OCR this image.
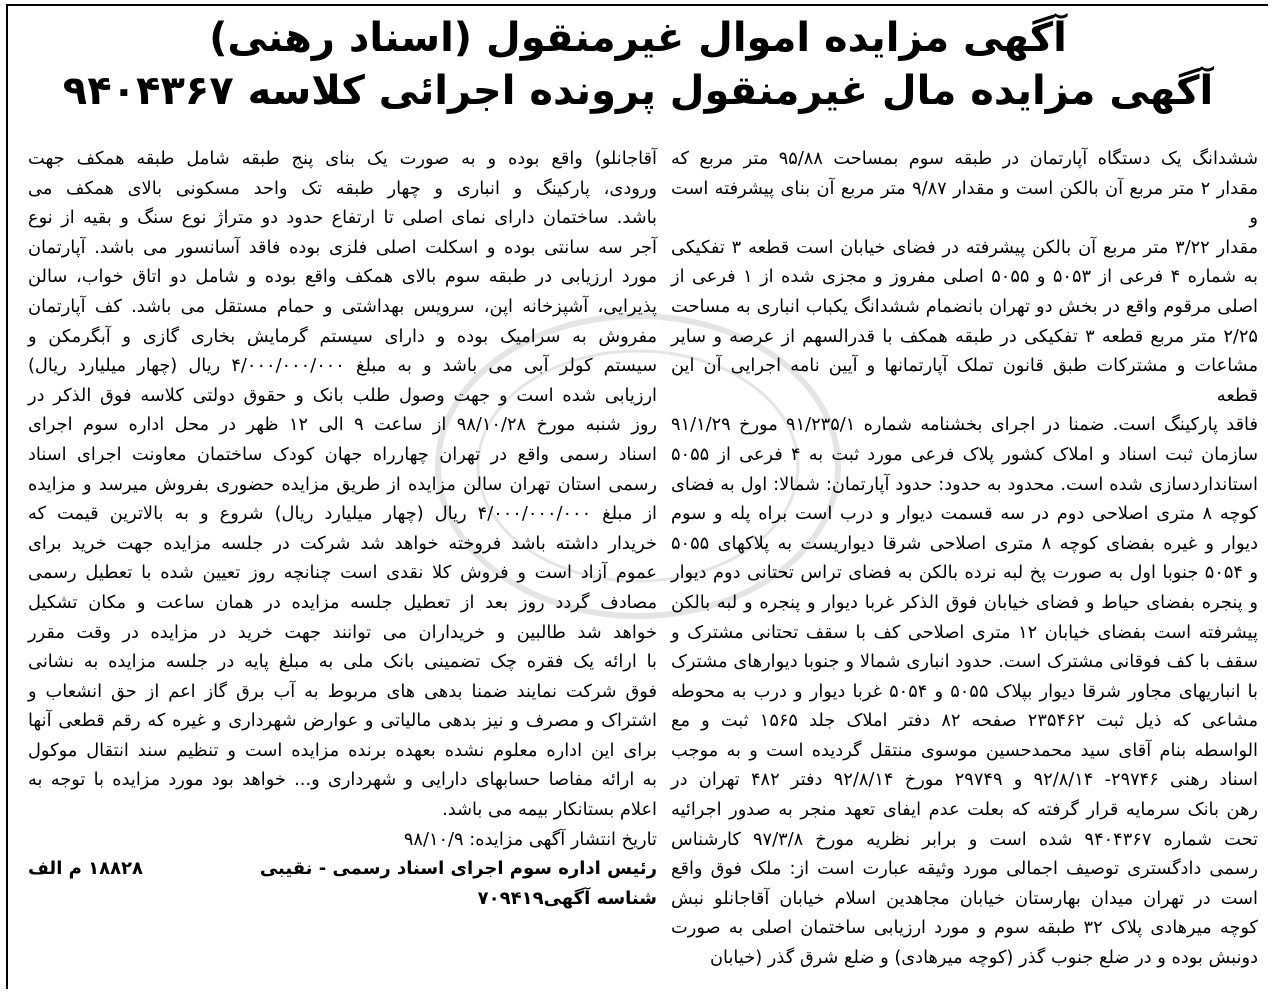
آگهی مزایده اموال غیرمنقول (اسناد رهنی)

آگهی مزایده مال غیرمنقول پرونده اجرائی کلاسه ۹۴۰۴۳۶۷

ششدانگ یک دستگاه آپارتمان در طبقه سوم بمساحت ۹۵/۸۸ متر مربع که

مقدار ۲ متر مربع آن بالکن است و مقدار ۹/۸۷ متر مربع آن بنای پیشرفته است و

مقدار ۳/۲۲ متر مربع آن بالکن پیشرفته در فضای خیابان است قطعه ۳ تفکیکی

به شماره ۴ فرعی از ۵۰۵۳ و ۵۰۵۵ اصلی مفروز و مجزی شده از ۱ فرعی از

اصلی مرقوم واقع در بخش دو تهران بانضمام ششدانگ یکباب انباری به مساحت

۲/۲۵ متر مربع قطعه ۳ تفکیکی در طبقه همکف با قدرالسهم از عرصه و سایر

مشاعات و مشترکات طبق قانون تملک آپارتمانها و آیین نامه اجرایی آن این قطعه

فاقد پارکینگ است. ضمنا در اجرای بخشنامه شماره ۹۱/۲۳۵/۱ مورخ ۹۱/۱/۲۹

سازمان ثبت اسناد و املاک کشور پلاک فرعی مورد ثبت به ۴ فرعی از ۵۰۵۵

استانداردسازی شده است. محدود به حدود: حدود آپارتمان: شمالا: اول به فضای

کوچه ۸ متری اصلاحی دوم در سه قسمت دیوار و درب است براه پله و سوم

دیوار و غیره بفضای کوچه ۸ متری اصلاحی شرقا دیواریست به پلاکهای ۵۰۵۵

و ۵۰۵۴ جنوبا اول به صورت پخ لبه نرده بالکن به فضای تراس تحتانی دوم دیوار

و پنجره بفضای حیاط و فضای خیابان فوق الذکر غربا دیوار و پنجره و لبه بالکن

پیشرفته است بفضای خیابان ۱۲ متری اصلاحی کف با سقف تحتانی مشترک و

سقف با کف فوقانی مشترک است. حدود انباری شمالا و جنوبا دیوارهای مشترک

با انباریهای مجاور شرقا دیوار بپلاک ۵۰۵۵ و ۵۰۵۴ غربا دیوار و درب به محوطه

مشاعی که ذیل ثبت ۲۳۵۴۶۲ صفحه ۸۲ دفتر املاک جلد ۱۵۶۵ ثبت و مع

الواسطه بنام آقای سید محمدحسین موسوی منتقل گردیده است و به موجب

اسناد رهنی ۲۹۷۴۶- ۹۲/۸/۱۴ و ۲۹۷۴۹ مورخ ۹۲/۸/۱۴ دفتر ۴۸۲ تهران در

رهن بانک سرمایه قرار گرفته که بعلت عدم ایفای تعهد منجر به صدور اجرائیه

تحت شماره ۹۴۰۴۳۶۷ شده است و برابر نظریه مورخ ۹۷/۳/۸ کارشناس

رسمی دادگستری توصیف اجمالی مورد وثیقه عبارت است از: ملک فوق واقع

است در تهران میدان بهارستان خیابان مجاهدین اسلام خیابان آقاجانلو نبش

کوچه میرهادی پلاک ۳۲ طبقه سوم و مورد ارزیابی ساختمان اصلی به صورت

دونبش بوده و در ضلع جنوب گذر (کوچه میرهادی) و ضلع شرق گذر (خیابان

آقاجانلو) واقع بوده و به صورت یک بنای پنج طبقه شامل طبقه همکف جهت

ورودی، پارکینگ و انباری و چهار طبقه تک واحد مسکونی بالای همکف می

باشد. ساختمان دارای نمای اصلی تا ارتفاع حدود دو متراژ نوع سنگ و بقیه از نوع

آجر سه سانتی بوده و اسکلت اصلی فلزی بوده فاقد آسانسور می باشد. آپارتمان

مورد ارزیابی در طبقه سوم بالای همکف واقع بوده و شامل دو اتاق خواب، سالن

پذیرایی، آشپزخانه اپن، سرویس بهداشتی و حمام مستقل می باشد. کف آپارتمان

مفروش به سرامیک بوده و دارای سیستم گرمایش بخاری گازی و آبگرمکن و

سیستم کولر آبی می باشد و به مبلغ ۴/۰۰۰/۰۰۰/۰۰۰ ریال (چهار میلیارد ریال)

ارزیابی شده است و جهت وصول طلب بانک و حقوق دولتی کلاسه فوق الذکر در

روز شنبه مورخ ۹۸/۱۰/۲۸ از ساعت ۹ الی ۱۲ ظهر در محل اداره سوم اجرای

اسناد رسمی واقع در تهران چهارراه جهان کودک ساختمان معاونت اجرای اسناد

رسمی استان تهران سالن مزایده از طریق مزایده حضوری بفروش میرسد و مزایده

از مبلغ ۴/۰۰۰/۰۰۰/۰۰۰ ریال (چهار میلیارد ریال) شروع و به بالاترین قیمت که

خریدار داشته باشد فروخته خواهد شد شرکت در جلسه مزایده جهت خرید برای

عموم آزاد است و فروش کلا نقدی است چنانچه روز تعیین شده با تعطیل رسمی

مصادف گردد روز بعد از تعطیل جلسه مزایده در همان ساعت و مکان تشکیل

خواهد شد طالبین و خریداران می توانند جهت خرید در مزایده در وقت مقرر

با ارائه یک فقره چک تضمینی بانک ملی به مبلغ پایه در جلسه مزایده به نشانی

فوق شرکت نمایند ضمنا بدهی های مربوط به آب برق گاز اعم از حق انشعاب و

اشتراک و مصرف و نیز بدهی مالیاتی و عوارض شهرداری و غیره که رقم قطعی آنها

برای این اداره معلوم نشده بعهده برنده مزایده است و تنظیم سند انتقال موکول

به ارائه مفاصا حسابهای دارایی و شهرداری و... خواهد بود مورد مزایده با توجه به

اعلام بستانکار بیمه می باشد.

تاریخ انتشار آگهی مزایده: ۹۸/۱۰/۹

رئیس اداره سوم اجرای اسناد رسمی - نقیبی
۱۸۸۲۸ م الف
شناسه آگهی۷۰۹۴۱۹
